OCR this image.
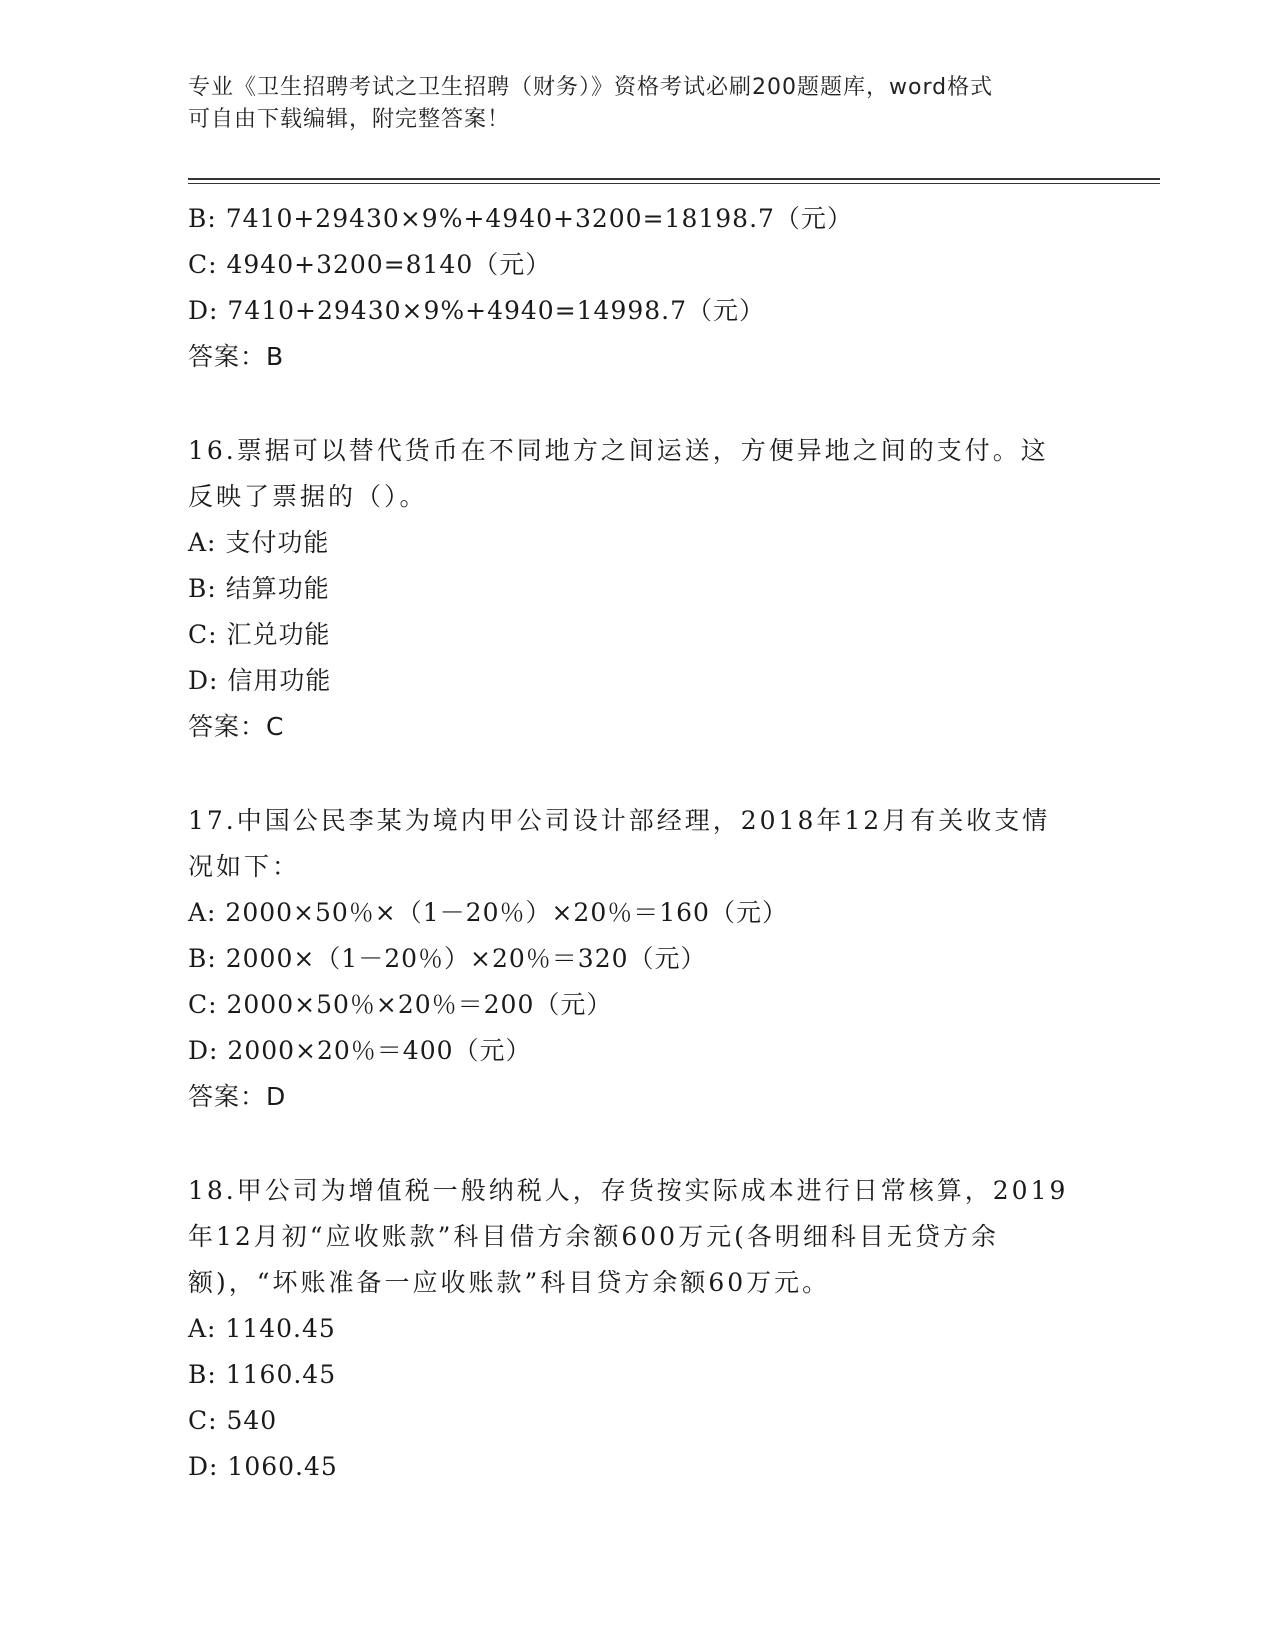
专业《卫生招聘考试之卫生招聘（财务）》资格考试必刷200题题库，word格式
可自由下载编辑，附完整答案！
B: 7410+29430×9%+4940+3200=18198.7（元）
C: 4940+3200=8140（元）
D: 7410+29430×9%+4940=14998.7（元）
答案：B
16.票据可以替代货币在不同地方之间运送，方便异地之间的支付。这
反映了票据的（）。
A: 支付功能
B: 结算功能
C: 汇兑功能
D: 信用功能
答案：C
17.中国公民李某为境内甲公司设计部经理，2018年12月有关收支情
况如下：
A: 2000×50％×（1－20％）×20％＝160（元）
B: 2000×（1－20％）×20％＝320（元）
C: 2000×50％×20％＝200（元）
D: 2000×20％＝400（元）
答案：D
18.甲公司为增值税一般纳税人，存货按实际成本进行日常核算，2019
年12月初“应收账款”科目借方余额600万元(各明细科目无贷方余
额)，“坏账准备一应收账款”科目贷方余额60万元。
A: 1140.45
B: 1160.45
C: 540
D: 1060.45
